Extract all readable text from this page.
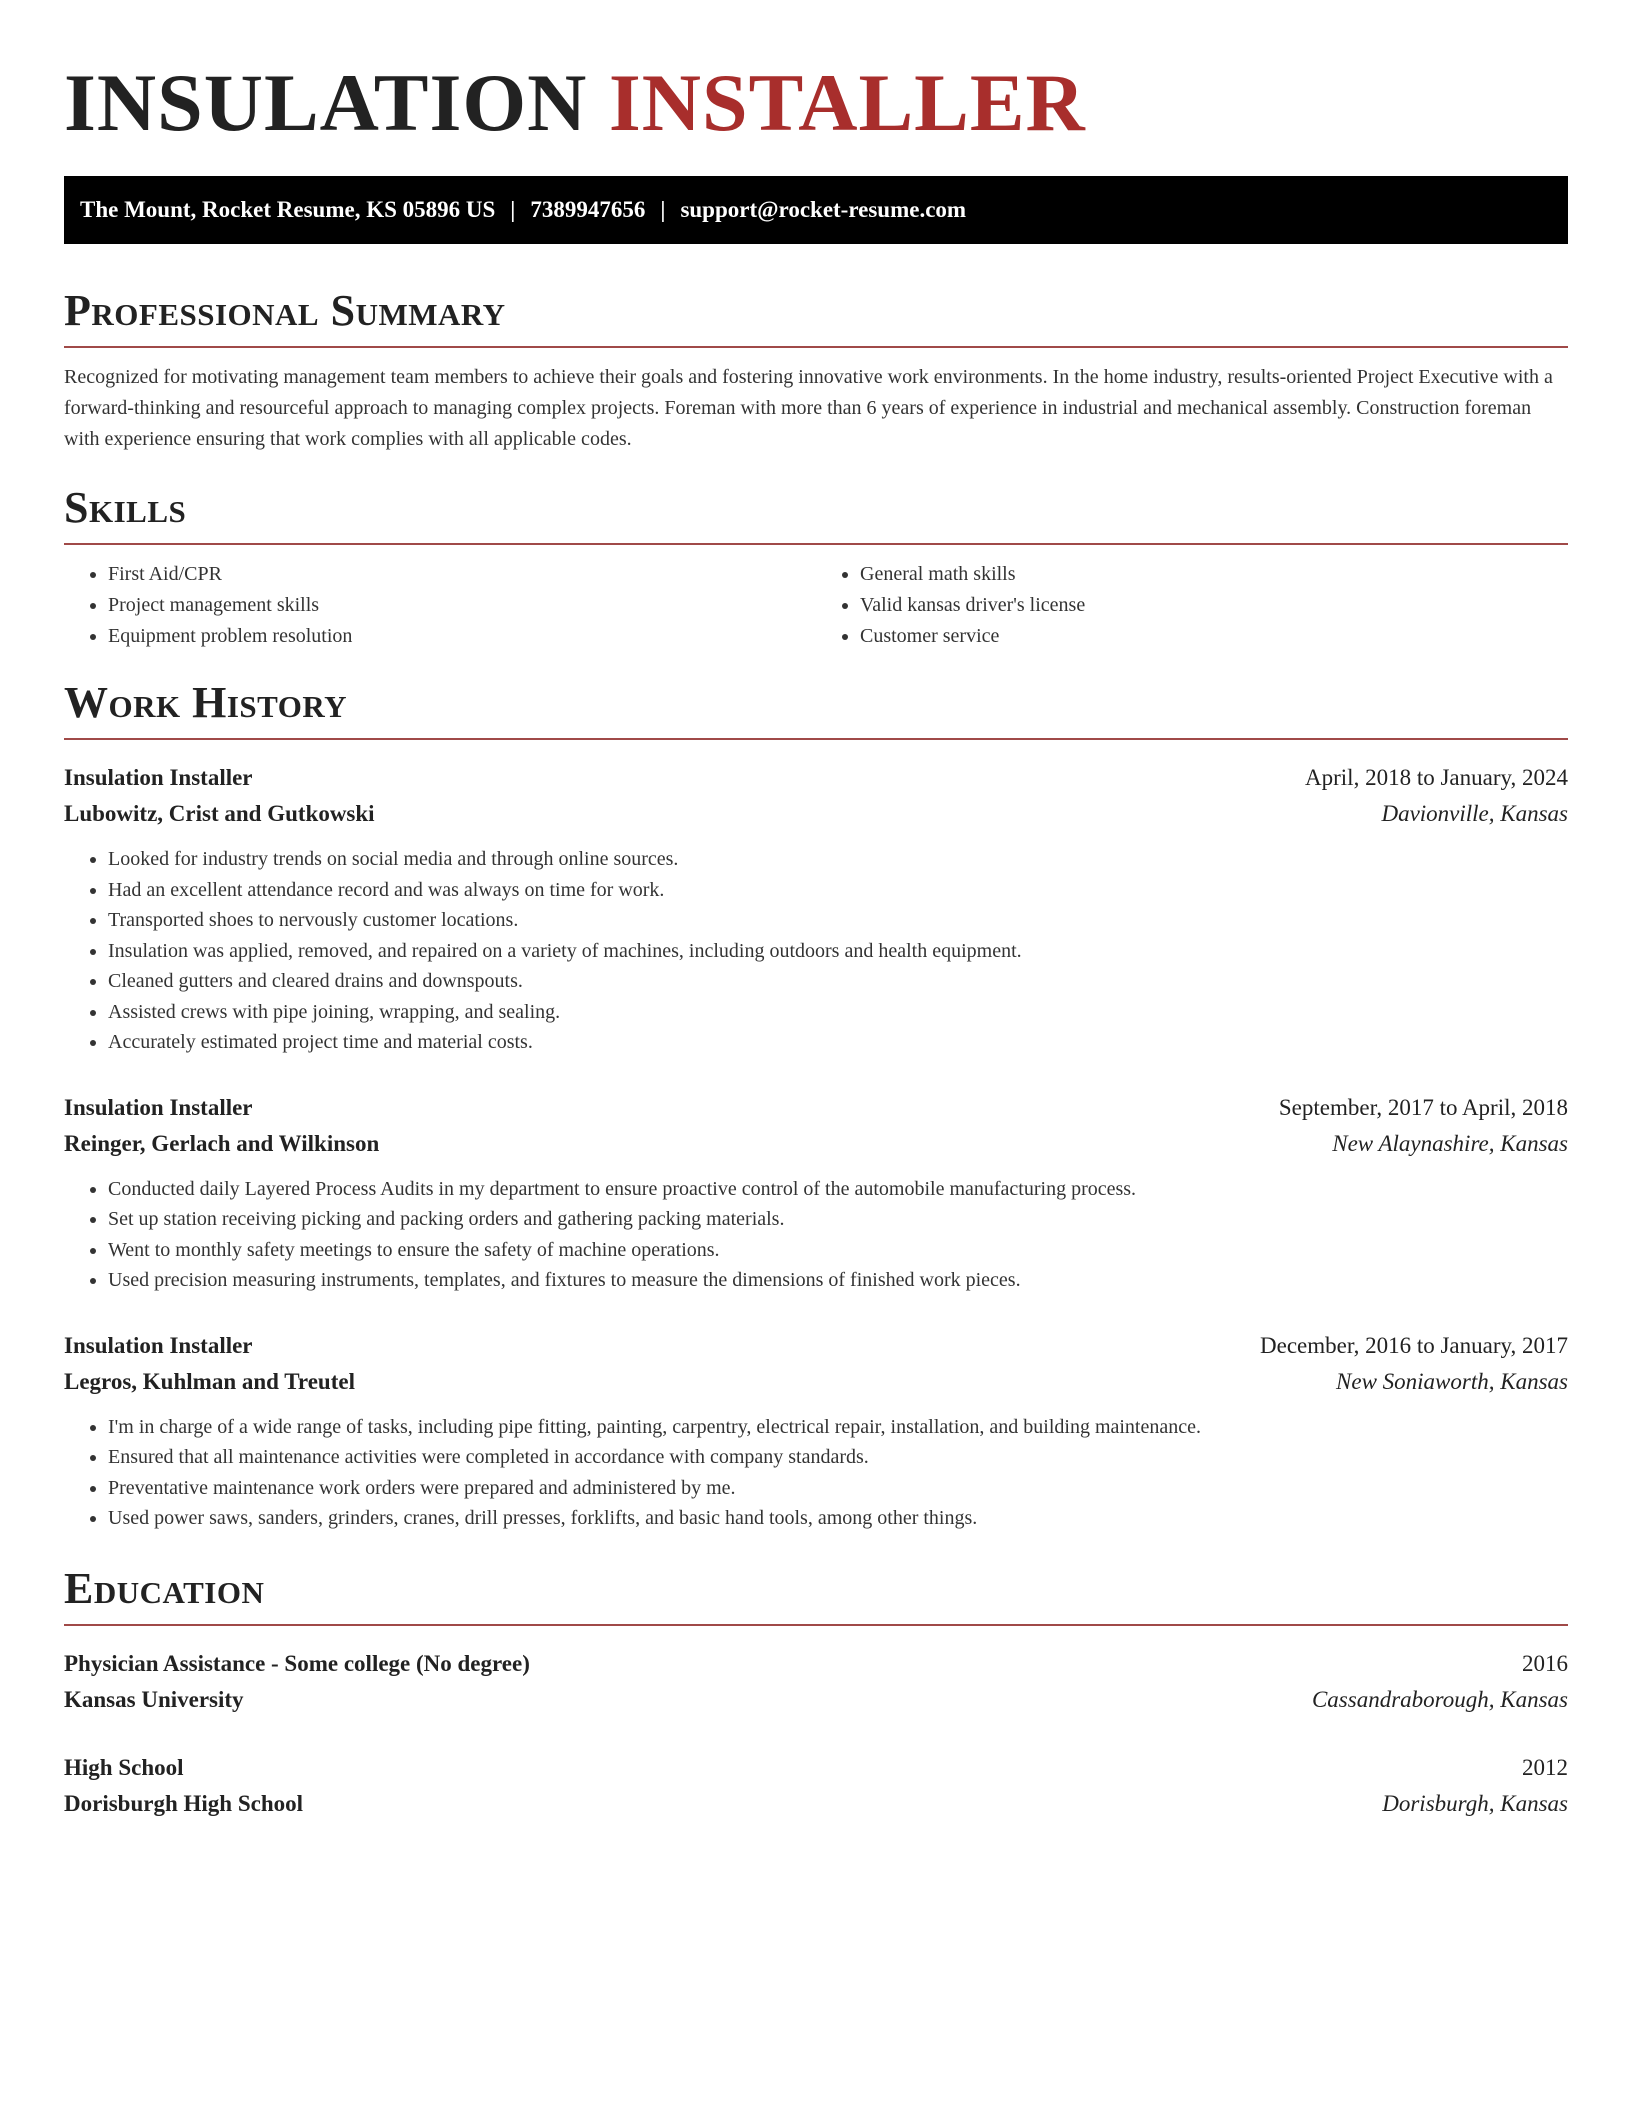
INSULATION INSTALLER
The Mount, Rocket Resume, KS 05896 US | 7389947656 | support@rocket-resume.com
Professional Summary

Recognized for motivating management team members to achieve their goals and fostering innovative work environments. In the home industry, results-oriented Project Executive with a forward-thinking and resourceful approach to managing complex projects. Foreman with more than 6 years of experience in industrial and mechanical assembly. Construction foreman with experience ensuring that work complies with all applicable codes.

Skills
• First Aid/CPR
• Project management skills
• Equipment problem resolution
• General math skills
• Valid kansas driver's license
• Customer service
Work History
Insulation Installer	April, 2018 to January, 2024
Lubowitz, Crist and Gutkowski	Davionville, Kansas
• Looked for industry trends on social media and through online sources.
• Had an excellent attendance record and was always on time for work.
• Transported shoes to nervously customer locations.
• Insulation was applied, removed, and repaired on a variety of machines, including outdoors and health equipment.
• Cleaned gutters and cleared drains and downspouts.
• Assisted crews with pipe joining, wrapping, and sealing.
• Accurately estimated project time and material costs.
Insulation Installer	September, 2017 to April, 2018
Reinger, Gerlach and Wilkinson	New Alaynashire, Kansas
• Conducted daily Layered Process Audits in my department to ensure proactive control of the automobile manufacturing process.
• Set up station receiving picking and packing orders and gathering packing materials.
• Went to monthly safety meetings to ensure the safety of machine operations.
• Used precision measuring instruments, templates, and fixtures to measure the dimensions of finished work pieces.
Insulation Installer	December, 2016 to January, 2017
Legros, Kuhlman and Treutel	New Soniaworth, Kansas
• I'm in charge of a wide range of tasks, including pipe fitting, painting, carpentry, electrical repair, installation, and building maintenance.
• Ensured that all maintenance activities were completed in accordance with company standards.
• Preventative maintenance work orders were prepared and administered by me.
• Used power saws, sanders, grinders, cranes, drill presses, forklifts, and basic hand tools, among other things.
Education
Physician Assistance - Some college (No degree)	2016
Kansas University	Cassandraborough, Kansas
High School	2012
Dorisburgh High School	Dorisburgh, Kansas
